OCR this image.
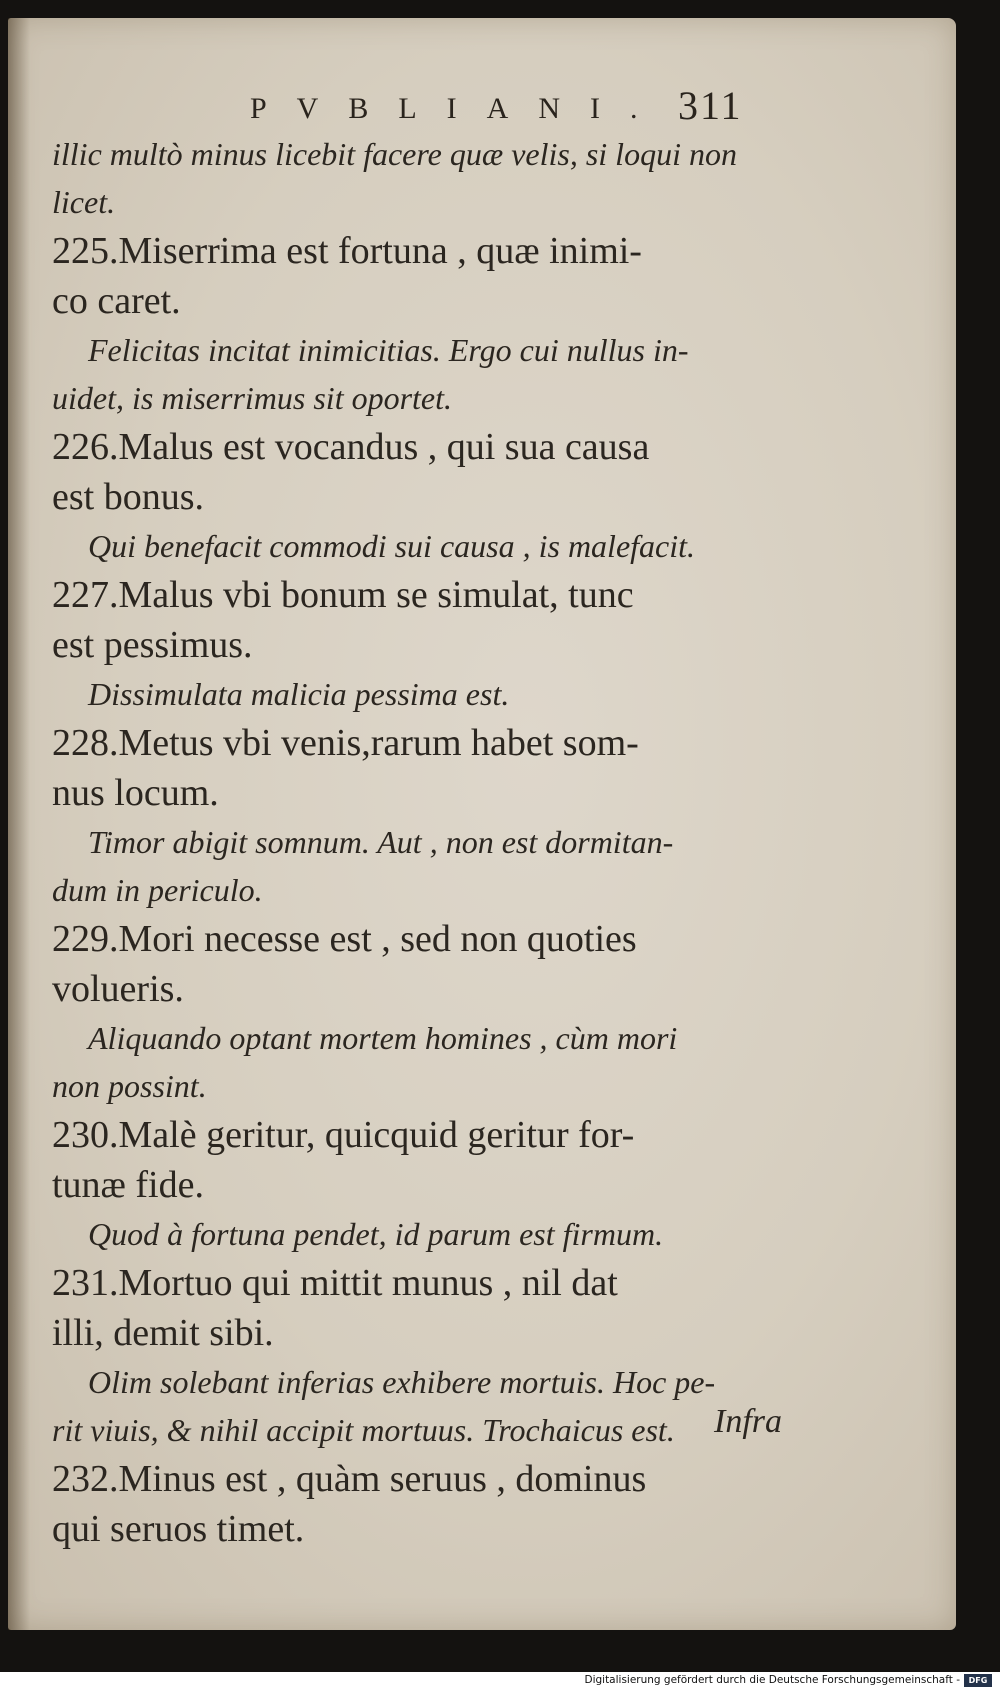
PVBLIANI. 311
illic multò minus licebit facere quæ velis, si loqui non
licet.
225.Miserrima est fortuna , quæ inimi-
co caret.
Felicitas incitat inimicitias. Ergo cui nullus in-
uidet, is miserrimus sit oportet.
226.Malus est vocandus , qui sua causa
est bonus.
Qui benefacit commodi sui causa , is malefacit.
227.Malus vbi bonum se simulat, tunc
est pessimus.
Dissimulata malicia pessima est.
228.Metus vbi venis,rarum habet som-
nus locum.
Timor abigit somnum. Aut , non est dormitan-
dum in periculo.
229.Mori necesse est , sed non quoties
volueris.
Aliquando optant mortem homines , cùm mori
non possint.
230.Malè geritur, quicquid geritur for-
tunæ fide.
Quod à fortuna pendet, id parum est firmum.
231.Mortuo qui mittit munus , nil dat
illi, demit sibi.
Olim solebant inferias exhibere mortuis. Hoc pe-
rit viuis, & nihil accipit mortuus. Trochaicus est.
232.Minus est , quàm seruus , dominus
qui seruos timet.
Infra
Digitalisierung gefördert durch die Deutsche Forschungsgemeinschaft -	DFG
